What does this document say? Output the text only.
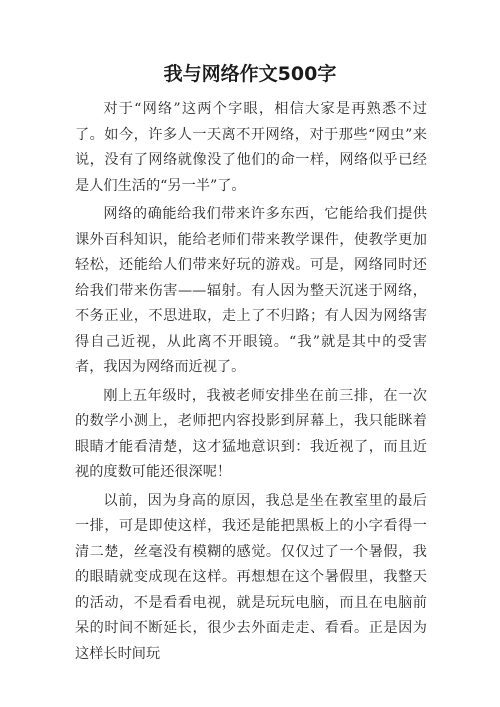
我与网络作文500字

对于“网络”这两个字眼，相信大家是再熟悉不过了。如今，许多人一天离不开网络，对于那些“网虫”来说，没有了网络就像没了他们的命一样，网络似乎已经是人们生活的“另一半”了。

网络的确能给我们带来许多东西，它能给我们提供课外百科知识，能给老师们带来教学课件，使教学更加轻松，还能给人们带来好玩的游戏。可是，网络同时还给我们带来伤害——辐射。有人因为整天沉迷于网络，不务正业，不思进取，走上了不归路；有人因为网络害得自己近视，从此离不开眼镜。“我”就是其中的受害者，我因为网络而近视了。

刚上五年级时，我被老师安排坐在前三排，在一次的数学小测上，老师把内容投影到屏幕上，我只能眯着眼睛才能看清楚，这才猛地意识到：我近视了，而且近视的度数可能还很深呢！

以前，因为身高的原因，我总是坐在教室里的最后一排，可是即使这样，我还是能把黑板上的小字看得一清二楚，丝毫没有模糊的感觉。仅仅过了一个暑假，我的眼睛就变成现在这样。再想想在这个暑假里，我整天的活动，不是看看电视，就是玩玩电脑，而且在电脑前呆的时间不断延长，很少去外面走走、看看。正是因为这样长时间玩
